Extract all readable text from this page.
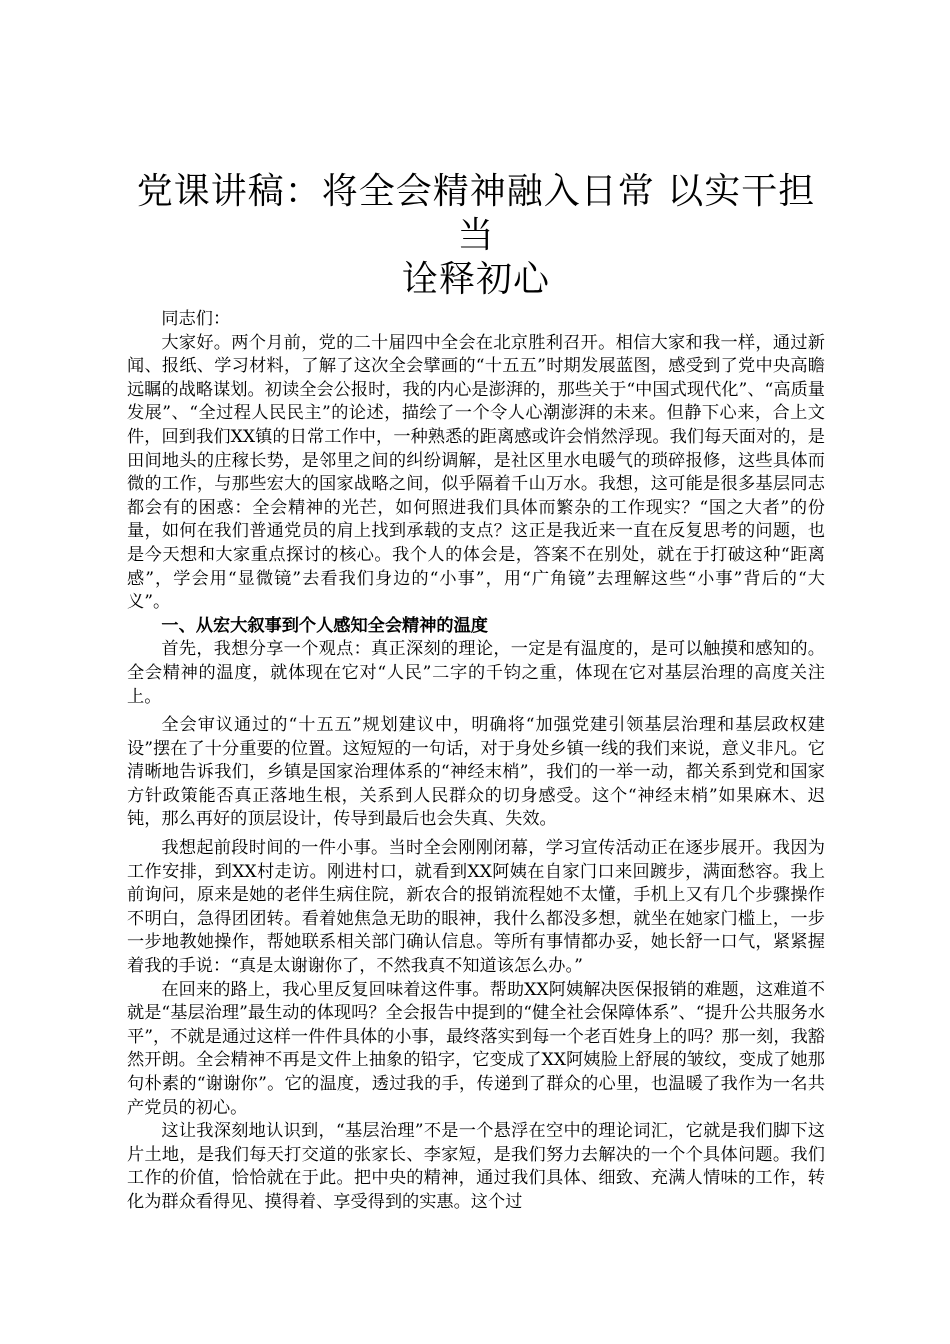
党课讲稿：将全会精神融入日常 以实干担当
诠释初心

同志们：

大家好。两个月前，党的二十届四中全会在北京胜利召开。相信大家和我一样，通过新闻、报纸、学习材料，了解了这次全会擘画的“十五五”时期发展蓝图，感受到了党中央高瞻远瞩的战略谋划。初读全会公报时，我的内心是澎湃的，那些关于“中国式现代化”、“高质量发展”、“全过程人民民主”的论述，描绘了一个令人心潮澎湃的未来。但静下心来，合上文件，回到我们XX镇的日常工作中，一种熟悉的距离感或许会悄然浮现。我们每天面对的，是田间地头的庄稼长势，是邻里之间的纠纷调解，是社区里水电暖气的琐碎报修，这些具体而微的工作，与那些宏大的国家战略之间，似乎隔着千山万水。我想，这可能是很多基层同志都会有的困惑：全会精神的光芒，如何照进我们具体而繁杂的工作现实？“国之大者”的份量，如何在我们普通党员的肩上找到承载的支点？这正是我近来一直在反复思考的问题，也是今天想和大家重点探讨的核心。我个人的体会是，答案不在别处，就在于打破这种“距离感”，学会用“显微镜”去看我们身边的“小事”，用“广角镜”去理解这些“小事”背后的“大义”。

一、从宏大叙事到个人感知全会精神的温度

首先，我想分享一个观点：真正深刻的理论，一定是有温度的，是可以触摸和感知的。全会精神的温度，就体现在它对“人民”二字的千钧之重，体现在它对基层治理的高度关注上。

全会审议通过的“十五五”规划建议中，明确将“加强党建引领基层治理和基层政权建设”摆在了十分重要的位置。这短短的一句话，对于身处乡镇一线的我们来说，意义非凡。它清晰地告诉我们，乡镇是国家治理体系的“神经末梢”，我们的一举一动，都关系到党和国家方针政策能否真正落地生根，关系到人民群众的切身感受。这个“神经末梢”如果麻木、迟钝，那么再好的顶层设计，传导到最后也会失真、失效。

我想起前段时间的一件小事。当时全会刚刚闭幕，学习宣传活动正在逐步展开。我因为工作安排，到XX村走访。刚进村口，就看到XX阿姨在自家门口来回踱步，满面愁容。我上前询问，原来是她的老伴生病住院，新农合的报销流程她不太懂，手机上又有几个步骤操作不明白，急得团团转。看着她焦急无助的眼神，我什么都没多想，就坐在她家门槛上，一步一步地教她操作，帮她联系相关部门确认信息。等所有事情都办妥，她长舒一口气，紧紧握着我的手说：“真是太谢谢你了，不然我真不知道该怎么办。”

在回来的路上，我心里反复回味着这件事。帮助XX阿姨解决医保报销的难题，这难道不就是“基层治理”最生动的体现吗？全会报告中提到的“健全社会保障体系”、“提升公共服务水平”，不就是通过这样一件件具体的小事，最终落实到每一个老百姓身上的吗？那一刻，我豁然开朗。全会精神不再是文件上抽象的铅字，它变成了XX阿姨脸上舒展的皱纹，变成了她那句朴素的“谢谢你”。它的温度，透过我的手，传递到了群众的心里，也温暖了我作为一名共产党员的初心。

这让我深刻地认识到，“基层治理”不是一个悬浮在空中的理论词汇，它就是我们脚下这片土地，是我们每天打交道的张家长、李家短，是我们努力去解决的一个个具体问题。我们工作的价值，恰恰就在于此。把中央的精神，通过我们具体、细致、充满人情味的工作，转化为群众看得见、摸得着、享受得到的实惠。这个过
